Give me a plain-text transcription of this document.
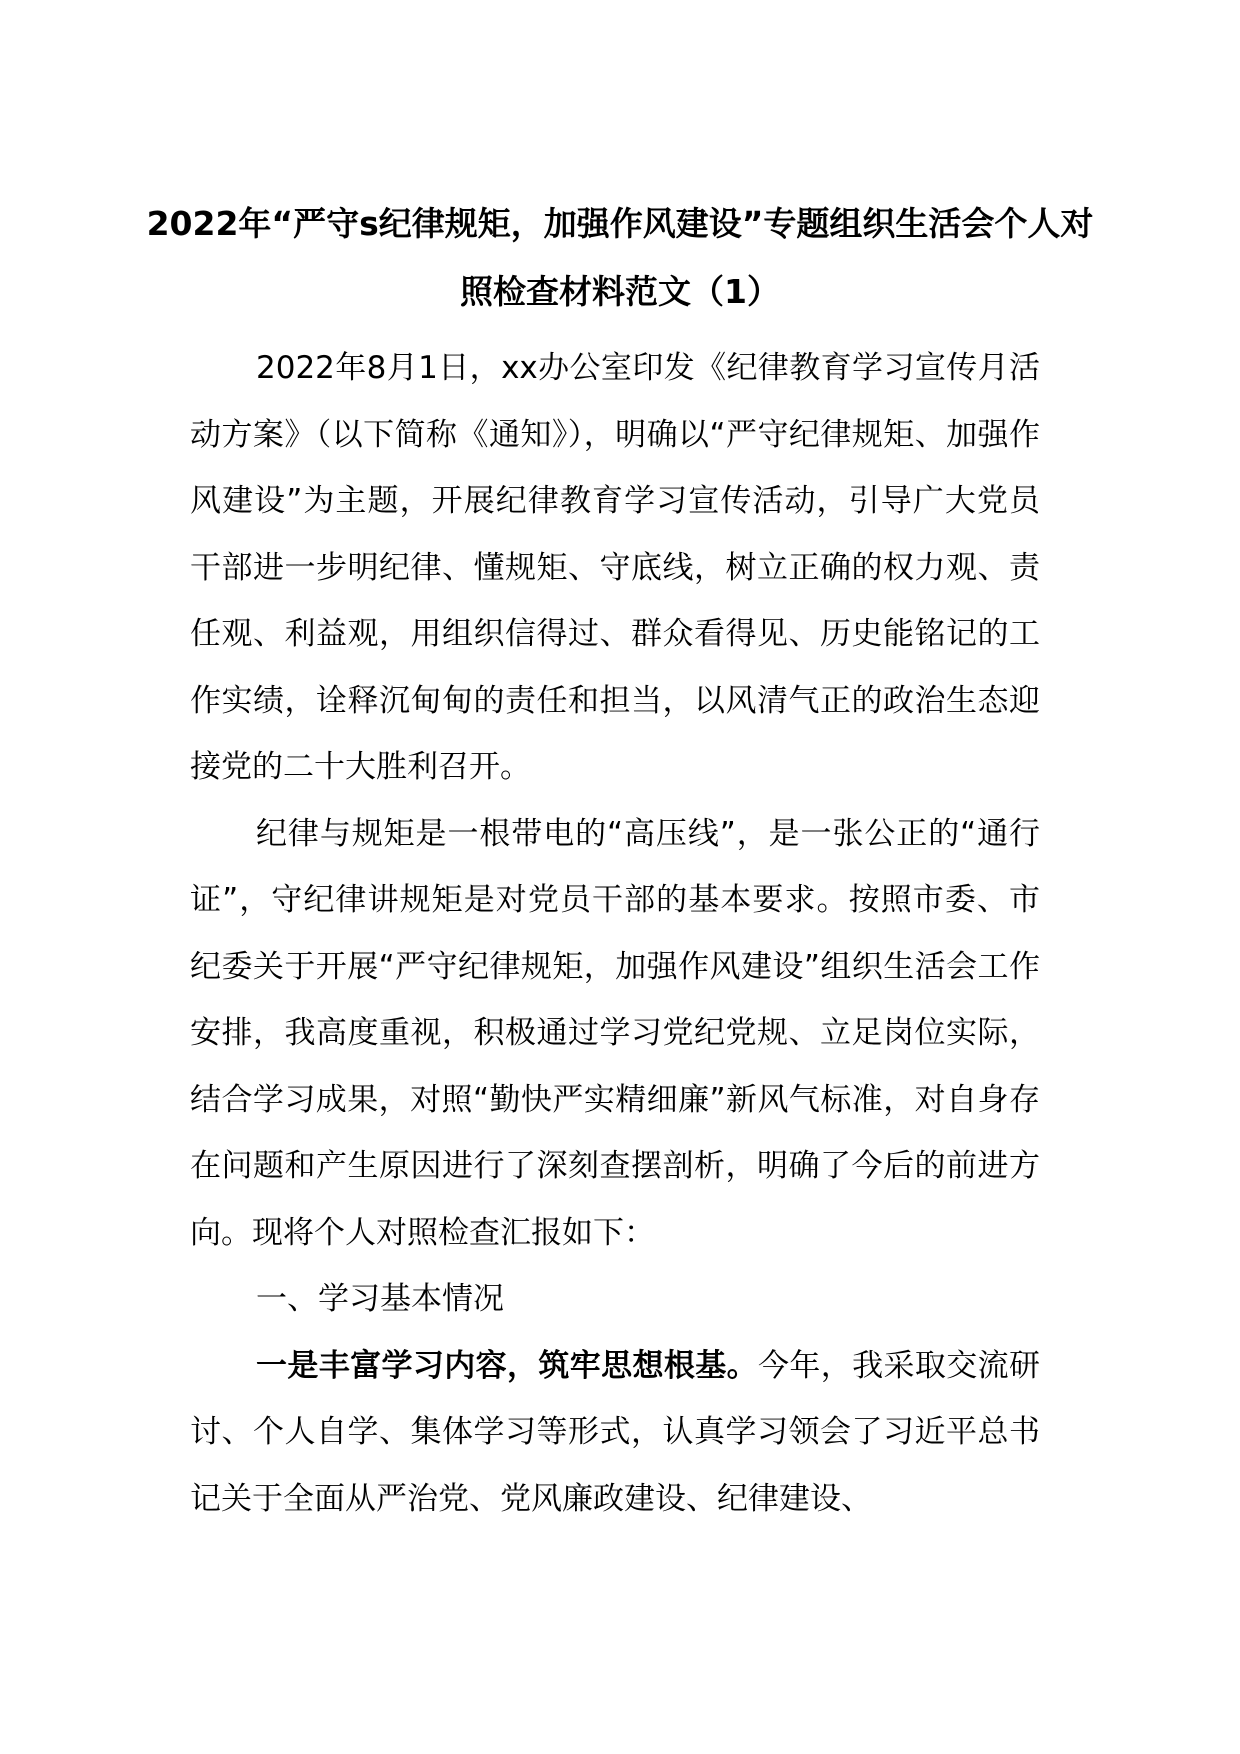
2022年“严守s纪律规矩，加强作风建设”专题组织生活会个人对照检查材料范文（1）

2022年8月1日，xx办公室印发《纪律教育学习宣传月活动方案》（以下简称《通知》），明确以“严守纪律规矩、加强作风建设”为主题，开展纪律教育学习宣传活动，引导广大党员干部进一步明纪律、懂规矩、守底线，树立正确的权力观、责任观、利益观，用组织信得过、群众看得见、历史能铭记的工作实绩，诠释沉甸甸的责任和担当，以风清气正的政治生态迎接党的二十大胜利召开。

纪律与规矩是一根带电的“高压线”，是一张公正的“通行证”，守纪律讲规矩是对党员干部的基本要求。按照市委、市纪委关于开展“严守纪律规矩，加强作风建设”组织生活会工作安排，我高度重视，积极通过学习党纪党规、立足岗位实际，结合学习成果，对照“勤快严实精细廉”新风气标准，对自身存在问题和产生原因进行了深刻查摆剖析，明确了今后的前进方向。现将个人对照检查汇报如下：

一、学习基本情况

一是丰富学习内容，筑牢思想根基。今年，我采取交流研讨、个人自学、集体学习等形式，认真学习领会了习近平总书记关于全面从严治党、党风廉政建设、纪律建设、
